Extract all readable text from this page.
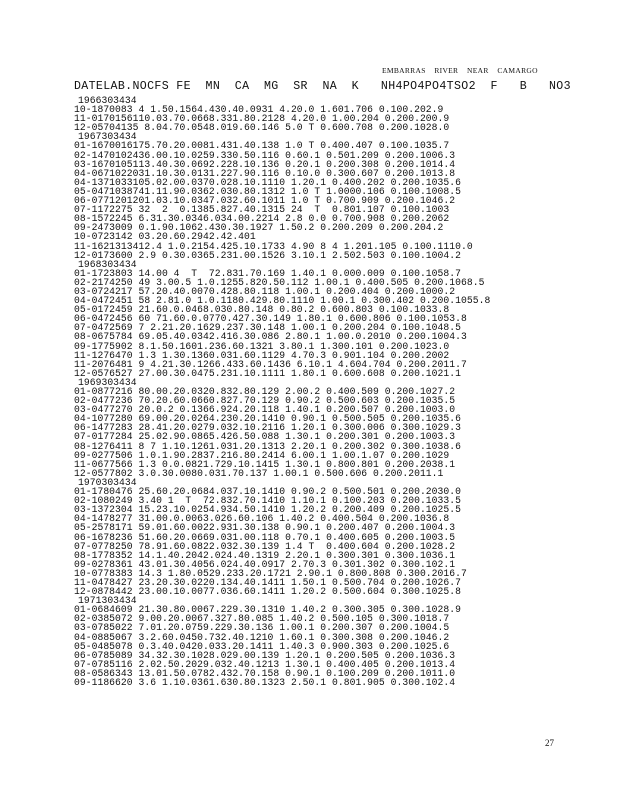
EMBARRAS    RIVER    NEAR    CAMARGO
DATELAB.NOCFS FE  MN  CA  MG  SR  NA  K   NH4PO4PO4TSO2  F   B   NO3
1966303434
10-1870083 4 1.50.1564.430.40.0931 4.20.0 1.601.706 0.100.202.9
11-0170156110.03.70.0668.331.80.2128 4.20.0 1.00.204 0.200.200.9
12-05704135 8.04.70.0548.019.60.146 5.0 T 0.600.708 0.200.1028.0
1967303434
01-1670016175.70.20.0081.431.40.138 1.0 T 0.400.407 0.100.1035.7
02-1470102436.00.10.0259.330.50.116 0.60.1 0.501.209 0.200.1006.3
03-1670105113.40.30.0692.228.10.136 0.20.1 0.200.308 0.200.1014.4
04-0671022031.10.30.0131.227.90.116 0.10.0 0.300.607 0.200.1013.8
04-1371033105.02.00.0370.028.10.1110 1.20.1 0.400.202 0.200.1035.6
05-0471038741.11.90.0362.030.80.1312 1.0 T 1.0000.106 0.100.1008.5
06-0771201201.03.10.0347.032.60.1011 1.0 T 0.700.909 0.200.1046.2
07-1172275 32  2  0.1385.827.40.1315 24  T  0.801.107 0.100.1003
08-1572245 6.31.30.0346.034.00.2214 2.8 0.0 0.700.908 0.200.2062
09-2473009 0.1.90.1062.430.30.1927 1.50.2 0.200.209 0.200.204.2
10-0723142 03.20.60.2942.42.401
11-1621313412.4 1.0.2154.425.10.1733 4.90 8 4 1.201.105 0.100.1110.0
12-0173600 2.9 0.30.0365.231.00.1526 3.10.1 2.502.503 0.100.1004.2
1968303434
01-1723803 14.00 4  T  72.831.70.169 1.40.1 0.000.009 0.100.1058.7
02-2174250 49 3.00.5 1.0.1255.820.50.112 1.00.1 0.400.505 0.200.1068.5
03-0724217 57.20.40.0070.428.80.118 1.00.1 0.200.404 0.200.1000.2
04-0472451 58 2.81.0 1.0.1180.429.80.1110 1.00.1 0.300.402 0.200.1055.8
05-0172459 21.60.0.0468.030.80.148 0.80.2 0.600.803 0.100.1033.8
06-0472456 60 71.60.0.0770.427.30.149 1.80.1 0.600.806 0.100.1053.8
07-0472569 7 2.21.20.1629.237.30.148 1.00.1 0.200.204 0.100.1048.5
08-0675784 69.05.40.0342.416.30.086 2.80.1 1.00.0.2010 0.200.1004.3
09-1775902 8.1.50.1601.236.60.1321 3.80.1 1.300.101 0.200.1023.0
11-1276470 1.3 1.30.1360.031.60.1129 4.70.3 0.901.104 0.200.2002
11-2076481 9 4.21.30.1266.433.60.1436 6.10.1 4.604.704 0.200.2011.7
12-0576527 27.00.30.0475.231.10.1111 1.80.1 0.600.608 0.200.1021.1
1969303434
01-0877216 80.00.20.0320.832.80.129 2.00.2 0.400.509 0.200.1027.2
02-0477236 70.20.60.0660.827.70.129 0.90.2 0.500.603 0.200.1035.5
03-0477270 20.0.2 0.1366.924.20.118 1.40.1 0.200.507 0.200.1003.0
04-1077280 69.00.20.0264.230.20.1410 0.90.1 0.500.505 0.200.1035.6
06-1477283 28.41.20.0279.032.10.2116 1.20.1 0.300.006 0.300.1029.3
07-0177284 25.02.90.0865.426.50.088 1.30.1 0.200.301 0.200.1003.3
08-1276411 8 7 1.10.1261.031.20.1313 2.20.1 0.200.302 0.300.1038.6
09-0277506 1.0.1.90.2837.216.80.2414 6.00.1 1.00.1.07 0.200.1029
11-0677566 1.3 0.0.0821.729.10.1415 1.30.1 0.800.801 0.200.2038.1
12-0577802 3.0.30.0080.031.70.137 1.00.1 0.500.606 0.200.2011.1
1970303434
01-1780476 25.60.20.0684.037.10.1410 0.90.2 0.500.501 0.200.2030.0
02-1080249 3.40 1  T  72.832.70.1410 1.10.1 0.100.203 0.200.1033.5
03-1372304 15.23.10.0254.934.50.1410 1.20.2 0.200.409 0.200.1025.5
04-1478277 31.00.0.0063.026.60.106 1.40.2 0.400.504 0.200.1036.8
05-2578171 59.01.60.0022.931.30.138 0.90.1 0.200.407 0.200.1004.3
06-1678236 51.60.20.0669.031.00.118 0.70.1 0.400.605 0.200.1003.5
07-0778250 78.91.60.0822.032.30.139 1.4 T  0.400.604 0.200.1028.2
08-1778352 14.1.40.2042.024.40.1319 2.20.1 0.300.301 0.300.1036.1
09-0278361 43.01.30.4056.024.40.0917 2.70.3 0.301.302 0.300.102.1
10-0778383 14.3 1.80.0529.233.20.1721 2.90.1 0.800.808 0.300.2016.7
11-0478427 23.20.30.0220.134.40.1411 1.50.1 0.500.704 0.200.1026.7
12-0878442 23.00.10.0077.036.60.1411 1.20.2 0.500.604 0.300.1025.8
1971303434
01-0684609 21.30.80.0067.229.30.1310 1.40.2 0.300.305 0.300.1028.9
02-0385072 9.00.20.0067.327.80.085 1.40.2 0.500.105 0.300.1018.7
03-0785022 7.01.20.0759.229.30.136 1.00.1 0.200.307 0.200.1004.5
04-0885067 3.2.60.0450.732.40.1210 1.60.1 0.300.308 0.200.1046.2
05-0485078 0.3.40.0420.033.20.1411 1.40.3 0.900.303 0.200.1025.6
06-0785089 34.32.30.1028.029.00.139 1.20.1 0.200.505 0.200.1036.3
07-0785116 2.02.50.2029.032.40.1213 1.30.1 0.400.405 0.200.1013.4
08-0586343 13.01.50.0782.432.70.158 0.90.1 0.100.209 0.200.1011.0
09-1186620 3.6 1.10.0361.630.80.1323 2.50.1 0.801.905 0.300.102.4
27
